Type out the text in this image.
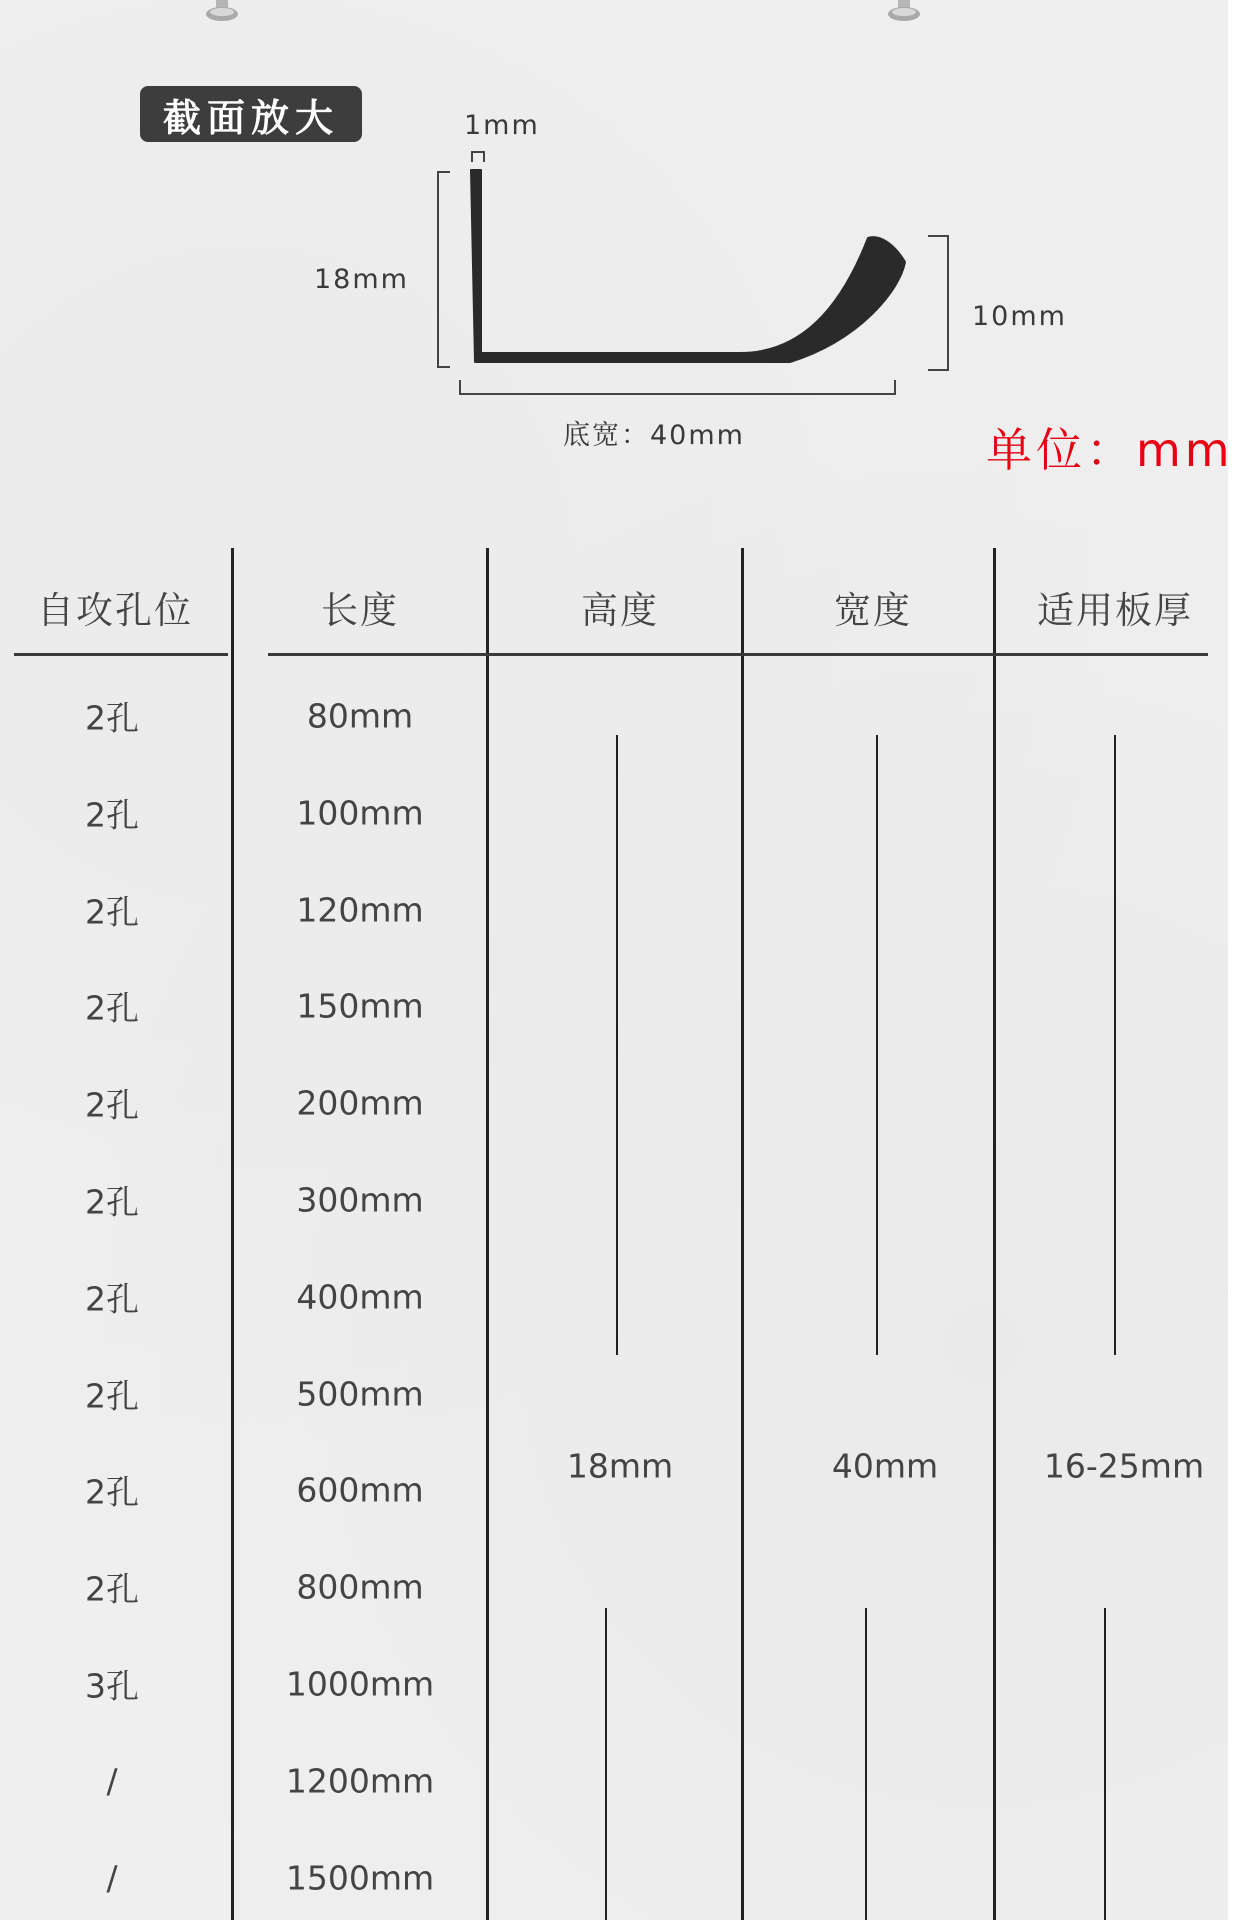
截面放大	1mm
18mm
10mm
底宽：40mm	单位：mm
自攻孔位	长度	高度	宽度	适用板厚
2孔	80mm
2孔	100mm
2孔	120mm
2孔	150mm
2孔	200mm
2孔	300mm
2孔	400mm
2孔	500mm
2孔	600mm
2孔	800mm
3孔	1000mm
/	1200mm
/	1500mm
18mm	40mm	16-25mm
